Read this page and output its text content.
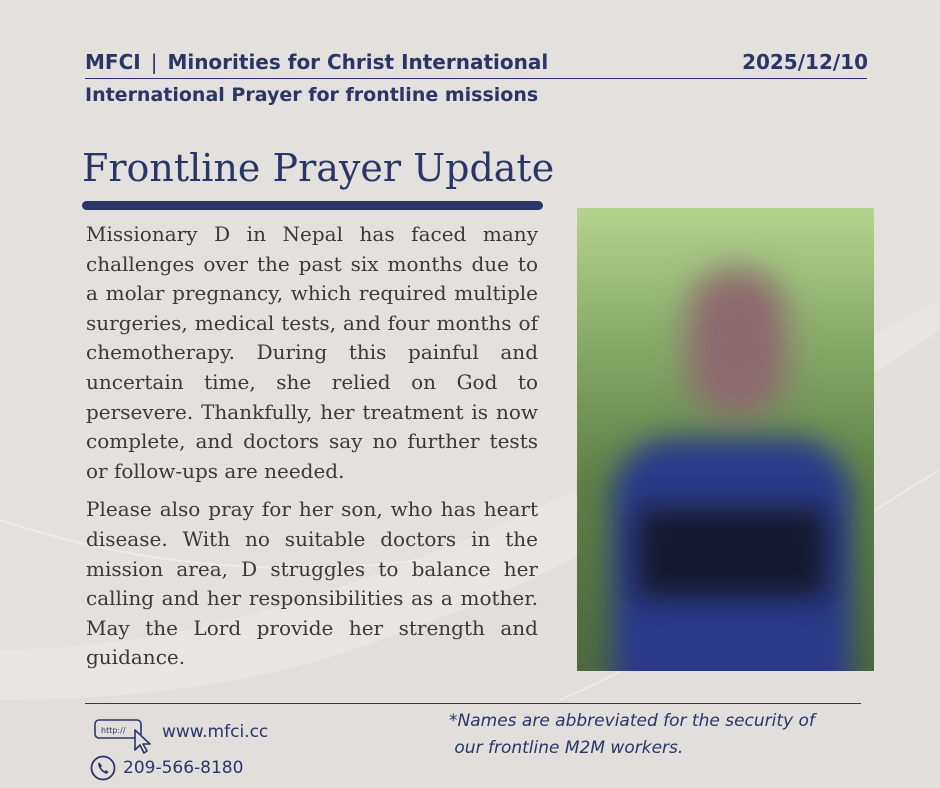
MFCI | Minorities for Christ International	2025/12/10
International Prayer for frontline missions
Frontline Prayer Update

Missionary D in Nepal has faced many challenges over the past six months due to a molar pregnancy, which required multiple surgeries, medical tests, and four months of chemotherapy. During this painful and uncertain time, she relied on God to persevere. Thankfully, her treatment is now complete, and doctors say no further tests or follow-ups are needed.

Please also pray for her son, who has heart disease. With no suitable doctors in the mission area, D struggles to balance her calling and her responsibilities as a mother. May the Lord provide her strength and guidance.

http:// www.mfci.cc
209-566-8180
*Names are abbreviated for the security of
our frontline M2M workers.
